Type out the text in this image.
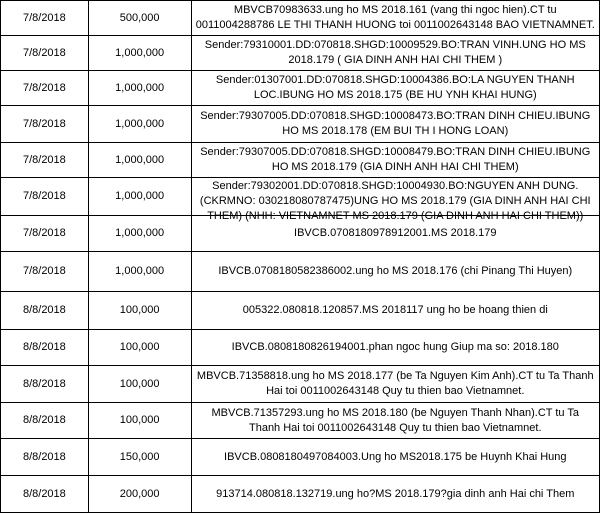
7/8/2018	500,000	MBVCB70983633.ung ho MS 2018.161 (vang thi ngoc hien).CT tu 0011004288786 LE THI THANH HUONG toi 0011002643148 BAO VIETNAMNET.

7/8/2018	1,000,000	Sender:79310001.DD:070818.SHGD:10009529.BO:TRAN VINH.UNG HO MS 2018.179 ( GIA DINH ANH HAI CHI THEM )

7/8/2018	1,000,000	Sender:01307001.DD:070818.SHGD:10004386.BO:LA NGUYEN THANH LOC.IBUNG HO MS 2018.175 (BE HU YNH KHAI HUNG)

7/8/2018	1,000,000	Sender:79307005.DD:070818.SHGD:10008473.BO:TRAN DINH CHIEU.IBUNG HO MS 2018.178 (EM BUI TH I HONG LOAN)

7/8/2018	1,000,000	Sender:79307005.DD:070818.SHGD:10008479.BO:TRAN DINH CHIEU.IBUNG HO MS 2018.179 (GIA DINH ANH HAI CHI THEM)

7/8/2018	1,000,000	Sender:79302001.DD:070818.SHGD:10004930.BO:NGUYEN ANH DUNG.(CKRMNO: 030218080787475)UNG HO MS 2018.179 (GIA DINH ANH HAI CHI THEM) (NHH: VIETNAMNET MS 2018.179 (GIA DINH ANH HAI CHI THEM))

7/8/2018	1,000,000	IBVCB.0708180978912001.MS 2018.179

7/8/2018	1,000,000	IBVCB.0708180582386002.ung ho MS 2018.176 (chi Pinang Thi Huyen)

8/8/2018	100,000	005322.080818.120857.MS 2018117 ung ho be hoang thien di

8/8/2018	100,000	IBVCB.0808180826194001.phan ngoc hung Giup ma so: 2018.180

8/8/2018	100,000	MBVCB.71358818.ung ho MS 2018.177 (be Ta Nguyen Kim Anh).CT tu Ta Thanh Hai toi 0011002643148 Quy tu thien bao Vietnamnet.

8/8/2018	100,000	MBVCB.71357293.ung ho MS 2018.180 (be Nguyen Thanh Nhan).CT tu Ta Thanh Hai toi 0011002643148 Quy tu thien bao Vietnamnet.

8/8/2018	150,000	IBVCB.0808180497084003.Ung ho MS2018.175 be Huynh Khai Hung

8/8/2018	200,000	913714.080818.132719.ung ho?MS 2018.179?gia dinh anh Hai chi Them
